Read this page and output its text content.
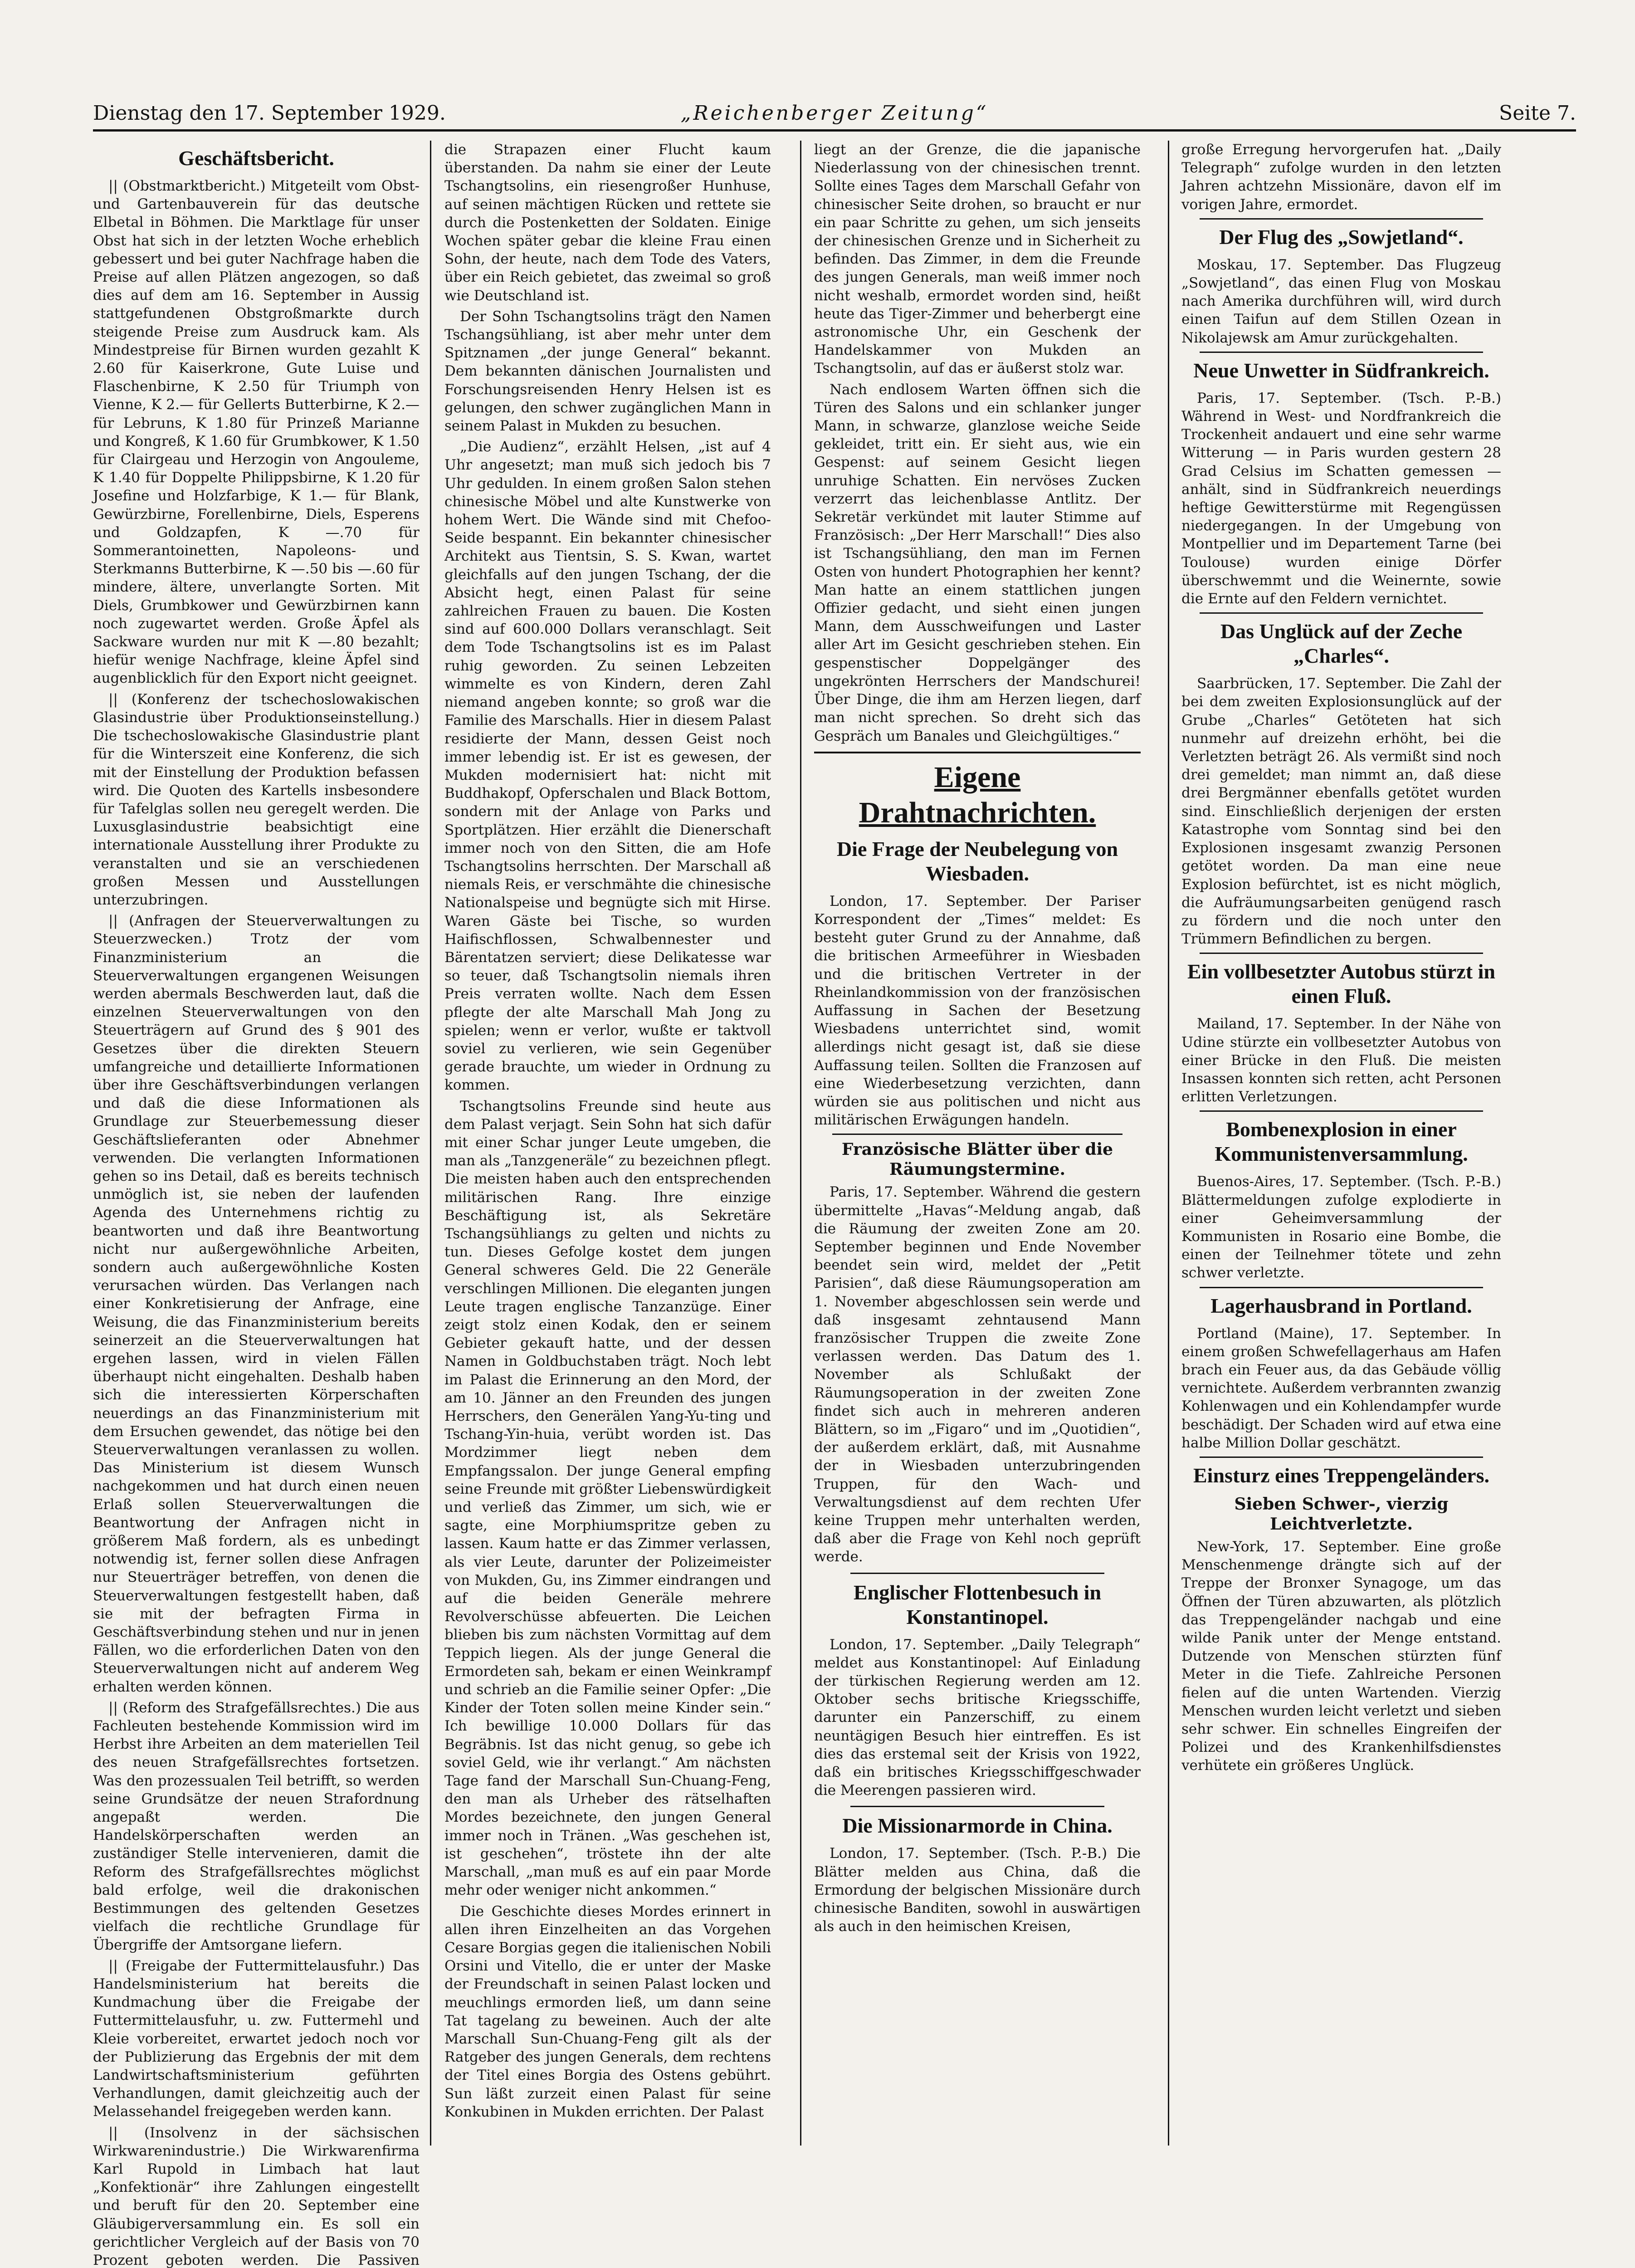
Dienstag den 17. September 1929.	„Reichenberger Zeitung“	Seite 7.
Geschäftsbericht.

|| (Obstmarktbericht.) Mitgeteilt vom Obst- und Gartenbauverein für das deutsche Elbetal in Böhmen. Die Marktlage für unser Obst hat sich in der letzten Woche erheblich gebessert und bei guter Nachfrage haben die Preise auf allen Plätzen angezogen, so daß dies auf dem am 16. September in Aussig stattgefundenen Obstgroßmarkte durch steigende Preise zum Ausdruck kam. Als Mindestpreise für Birnen wurden gezahlt K 2.60 für Kaiserkrone, Gute Luise und Flaschenbirne, K 2.50 für Triumph von Vienne, K 2.— für Gellerts Butterbirne, K 2.— für Lebruns, K 1.80 für Prinzeß Marianne und Kongreß, K 1.60 für Grumbkower, K 1.50 für Clairgeau und Herzogin von Angouleme, K 1.40 für Doppelte Philippsbirne, K 1.20 für Josefine und Holzfarbige, K 1.— für Blank, Gewürzbirne, Forellenbirne, Diels, Esperens und Goldzapfen, K —.70 für Sommerantoinetten, Napoleons- und Sterkmanns Butterbirne, K —.50 bis —.60 für mindere, ältere, unverlangte Sorten. Mit Diels, Grumbkower und Gewürzbirnen kann noch zugewartet werden. Große Äpfel als Sackware wurden nur mit K —.80 bezahlt; hiefür wenige Nachfrage, kleine Äpfel sind augenblicklich für den Export nicht geeignet.

|| (Konferenz der tschechoslowakischen Glasindustrie über Produktionseinstellung.) Die tschechoslowakische Glasindustrie plant für die Winterszeit eine Konferenz, die sich mit der Einstellung der Produktion befassen wird. Die Quoten des Kartells insbesondere für Tafelglas sollen neu geregelt werden. Die Luxusglasindustrie beabsichtigt eine internationale Ausstellung ihrer Produkte zu veranstalten und sie an verschiedenen großen Messen und Ausstellungen unterzubringen.

|| (Anfragen der Steuerverwaltungen zu Steuerzwecken.) Trotz der vom Finanzministerium an die Steuerverwaltungen ergangenen Weisungen werden abermals Beschwerden laut, daß die einzelnen Steuerverwaltungen von den Steuerträgern auf Grund des § 901 des Gesetzes über die direkten Steuern umfangreiche und detaillierte Informationen über ihre Geschäftsverbindungen verlangen und daß die diese Informationen als Grundlage zur Steuerbemessung dieser Geschäftslieferanten oder Abnehmer verwenden. Die verlangten Informationen gehen so ins Detail, daß es bereits technisch unmöglich ist, sie neben der laufenden Agenda des Unternehmens richtig zu beantworten und daß ihre Beantwortung nicht nur außergewöhnliche Arbeiten, sondern auch außergewöhnliche Kosten verursachen würden. Das Verlangen nach einer Konkretisierung der Anfrage, eine Weisung, die das Finanzministerium bereits seinerzeit an die Steuerverwaltungen hat ergehen lassen, wird in vielen Fällen überhaupt nicht eingehalten. Deshalb haben sich die interessierten Körperschaften neuerdings an das Finanzministerium mit dem Ersuchen gewendet, das nötige bei den Steuerverwaltungen veranlassen zu wollen. Das Ministerium ist diesem Wunsch nachgekommen und hat durch einen neuen Erlaß sollen Steuerverwaltungen die Beantwortung der Anfragen nicht in größerem Maß fordern, als es unbedingt notwendig ist, ferner sollen diese Anfragen nur Steuerträger betreffen, von denen die Steuerverwaltungen festgestellt haben, daß sie mit der befragten Firma in Geschäftsverbindung stehen und nur in jenen Fällen, wo die erforderlichen Daten von den Steuerverwaltungen nicht auf anderem Weg erhalten werden können.

|| (Reform des Strafgefällsrechtes.) Die aus Fachleuten bestehende Kommission wird im Herbst ihre Arbeiten an dem materiellen Teil des neuen Strafgefällsrechtes fortsetzen. Was den prozessualen Teil betrifft, so werden seine Grundsätze der neuen Strafordnung angepaßt werden. Die Handelskörperschaften werden an zuständiger Stelle intervenieren, damit die Reform des Strafgefällsrechtes möglichst bald erfolge, weil die drakonischen Bestimmungen des geltenden Gesetzes vielfach die rechtliche Grundlage für Übergriffe der Amtsorgane liefern.

|| (Freigabe der Futtermittelausfuhr.) Das Handelsministerium hat bereits die Kundmachung über die Freigabe der Futtermittelausfuhr, u. zw. Futtermehl und Kleie vorbereitet, erwartet jedoch noch vor der Publizierung das Ergebnis der mit dem Landwirtschaftsministerium geführten Verhandlungen, damit gleichzeitig auch der Melassehandel freigegeben werden kann.

|| (Insolvenz in der sächsischen Wirkwarenindustrie.) Die Wirkwarenfirma Karl Rupold in Limbach hat laut „Konfektionär“ ihre Zahlungen eingestellt und beruft für den 20. September eine Gläubigerversammlung ein. Es soll ein gerichtlicher Vergleich auf der Basis von 70 Prozent geboten werden. Die Passiven

die Strapazen einer Flucht kaum überstanden. Da nahm sie einer der Leute Tschangtsolins, ein riesengroßer Hunhuse, auf seinen mächtigen Rücken und rettete sie durch die Postenketten der Soldaten. Einige Wochen später gebar die kleine Frau einen Sohn, der heute, nach dem Tode des Vaters, über ein Reich gebietet, das zweimal so groß wie Deutschland ist.

Der Sohn Tschangtsolins trägt den Namen Tschangsühliang, ist aber mehr unter dem Spitznamen „der junge General“ bekannt. Dem bekannten dänischen Journalisten und Forschungsreisenden Henry Helsen ist es gelungen, den schwer zugänglichen Mann in seinem Palast in Mukden zu besuchen.

„Die Audienz“, erzählt Helsen, „ist auf 4 Uhr angesetzt; man muß sich jedoch bis 7 Uhr gedulden. In einem großen Salon stehen chinesische Möbel und alte Kunstwerke von hohem Wert. Die Wände sind mit Chefoo-Seide bespannt. Ein bekannter chinesischer Architekt aus Tientsin, S. S. Kwan, wartet gleichfalls auf den jungen Tschang, der die Absicht hegt, einen Palast für seine zahlreichen Frauen zu bauen. Die Kosten sind auf 600.000 Dollars veranschlagt. Seit dem Tode Tschangtsolins ist es im Palast ruhig geworden. Zu seinen Lebzeiten wimmelte es von Kindern, deren Zahl niemand angeben konnte; so groß war die Familie des Marschalls. Hier in diesem Palast residierte der Mann, dessen Geist noch immer lebendig ist. Er ist es gewesen, der Mukden modernisiert hat: nicht mit Buddhakopf, Opferschalen und Black Bottom, sondern mit der Anlage von Parks und Sportplätzen. Hier erzählt die Dienerschaft immer noch von den Sitten, die am Hofe Tschangtsolins herrschten. Der Marschall aß niemals Reis, er verschmähte die chinesische Nationalspeise und begnügte sich mit Hirse. Waren Gäste bei Tische, so wurden Haifischflossen, Schwalbennester und Bärentatzen serviert; diese Delikatesse war so teuer, daß Tschangtsolin niemals ihren Preis verraten wollte. Nach dem Essen pflegte der alte Marschall Mah Jong zu spielen; wenn er verlor, wußte er taktvoll soviel zu verlieren, wie sein Gegenüber gerade brauchte, um wieder in Ordnung zu kommen.

Tschangtsolins Freunde sind heute aus dem Palast verjagt. Sein Sohn hat sich dafür mit einer Schar junger Leute umgeben, die man als „Tanzgeneräle“ zu bezeichnen pflegt. Die meisten haben auch den entsprechenden militärischen Rang. Ihre einzige Beschäftigung ist, als Sekretäre Tschangsühliangs zu gelten und nichts zu tun. Dieses Gefolge kostet dem jungen General schweres Geld. Die 22 Generäle verschlingen Millionen. Die eleganten jungen Leute tragen englische Tanzanzüge. Einer zeigt stolz einen Kodak, den er seinem Gebieter gekauft hatte, und der dessen Namen in Goldbuchstaben trägt. Noch lebt im Palast die Erinnerung an den Mord, der am 10. Jänner an den Freunden des jungen Herrschers, den Generälen Yang-Yu-ting und Tschang-Yin-huia, verübt worden ist. Das Mordzimmer liegt neben dem Empfangssalon. Der junge General empfing seine Freunde mit größter Liebenswürdigkeit und verließ das Zimmer, um sich, wie er sagte, eine Morphiumspritze geben zu lassen. Kaum hatte er das Zimmer verlassen, als vier Leute, darunter der Polizeimeister von Mukden, Gu, ins Zimmer eindrangen und auf die beiden Generäle mehrere Revolverschüsse abfeuerten. Die Leichen blieben bis zum nächsten Vormittag auf dem Teppich liegen. Als der junge General die Ermordeten sah, bekam er einen Weinkrampf und schrieb an die Familie seiner Opfer: „Die Kinder der Toten sollen meine Kinder sein.“ Ich bewillige 10.000 Dollars für das Begräbnis. Ist das nicht genug, so gebe ich soviel Geld, wie ihr verlangt.“ Am nächsten Tage fand der Marschall Sun-Chuang-Feng, den man als Urheber des rätselhaften Mordes bezeichnete, den jungen General immer noch in Tränen. „Was geschehen ist, ist geschehen“, tröstete ihn der alte Marschall, „man muß es auf ein paar Morde mehr oder weniger nicht ankommen.“

Die Geschichte dieses Mordes erinnert in allen ihren Einzelheiten an das Vorgehen Cesare Borgias gegen die italienischen Nobili Orsini und Vitello, die er unter der Maske der Freundschaft in seinen Palast locken und meuchlings ermorden ließ, um dann seine Tat tagelang zu beweinen. Auch der alte Marschall Sun-Chuang-Feng gilt als der Ratgeber des jungen Generals, dem rechtens der Titel eines Borgia des Ostens gebührt. Sun läßt zurzeit einen Palast für seine Konkubinen in Mukden errichten. Der Palast

liegt an der Grenze, die die japanische Niederlassung von der chinesischen trennt. Sollte eines Tages dem Marschall Gefahr von chinesischer Seite drohen, so braucht er nur ein paar Schritte zu gehen, um sich jenseits der chinesischen Grenze und in Sicherheit zu befinden. Das Zimmer, in dem die Freunde des jungen Generals, man weiß immer noch nicht weshalb, ermordet worden sind, heißt heute das Tiger-Zimmer und beherbergt eine astronomische Uhr, ein Geschenk der Handelskammer von Mukden an Tschangtsolin, auf das er äußerst stolz war.

Nach endlosem Warten öffnen sich die Türen des Salons und ein schlanker junger Mann, in schwarze, glanzlose weiche Seide gekleidet, tritt ein. Er sieht aus, wie ein Gespenst: auf seinem Gesicht liegen unruhige Schatten. Ein nervöses Zucken verzerrt das leichenblasse Antlitz. Der Sekretär verkündet mit lauter Stimme auf Französisch: „Der Herr Marschall!“ Dies also ist Tschangsühliang, den man im Fernen Osten von hundert Photographien her kennt? Man hatte an einem stattlichen jungen Offizier gedacht, und sieht einen jungen Mann, dem Ausschweifungen und Laster aller Art im Gesicht geschrieben stehen. Ein gespenstischer Doppelgänger des ungekrönten Herrschers der Mandschurei! Über Dinge, die ihm am Herzen liegen, darf man nicht sprechen. So dreht sich das Gespräch um Banales und Gleichgültiges.“

Eigene Drahtnachrichten.
Die Frage der Neubelegung von Wiesbaden.

London, 17. September. Der Pariser Korrespondent der „Times“ meldet: Es besteht guter Grund zu der Annahme, daß die britischen Armeeführer in Wiesbaden und die britischen Vertreter in der Rheinlandkommission von der französischen Auffassung in Sachen der Besetzung Wiesbadens unterrichtet sind, womit allerdings nicht gesagt ist, daß sie diese Auffassung teilen. Sollten die Franzosen auf eine Wiederbesetzung verzichten, dann würden sie aus politischen und nicht aus militärischen Erwägungen handeln.

Französische Blätter über die Räumungstermine.

Paris, 17. September. Während die gestern übermittelte „Havas“-Meldung angab, daß die Räumung der zweiten Zone am 20. September beginnen und Ende November beendet sein wird, meldet der „Petit Parisien“, daß diese Räumungsoperation am 1. November abgeschlossen sein werde und daß insgesamt zehntausend Mann französischer Truppen die zweite Zone verlassen werden. Das Datum des 1. November als Schlußakt der Räumungsoperation in der zweiten Zone findet sich auch in mehreren anderen Blättern, so im „Figaro“ und im „Quotidien“, der außerdem erklärt, daß, mit Ausnahme der in Wiesbaden unterzubringenden Truppen, für den Wach- und Verwaltungsdienst auf dem rechten Ufer keine Truppen mehr unterhalten werden, daß aber die Frage von Kehl noch geprüft werde.

Englischer Flottenbesuch in Konstantinopel.

London, 17. September. „Daily Telegraph“ meldet aus Konstantinopel: Auf Einladung der türkischen Regierung werden am 12. Oktober sechs britische Kriegsschiffe, darunter ein Panzerschiff, zu einem neuntägigen Besuch hier eintreffen. Es ist dies das erstemal seit der Krisis von 1922, daß ein britisches Kriegsschiffgeschwader die Meerengen passieren wird.

Die Missionarmorde in China.

London, 17. September. (Tsch. P.-B.) Die Blätter melden aus China, daß die Ermordung der belgischen Missionäre durch chinesische Banditen, sowohl in auswärtigen als auch in den heimischen Kreisen,

große Erregung hervorgerufen hat. „Daily Telegraph“ zufolge wurden in den letzten Jahren achtzehn Missionäre, davon elf im vorigen Jahre, ermordet.

Der Flug des „Sowjetland“.

Moskau, 17. September. Das Flugzeug „Sowjetland“, das einen Flug von Moskau nach Amerika durchführen will, wird durch einen Taifun auf dem Stillen Ozean in Nikolajewsk am Amur zurückgehalten.

Neue Unwetter in Südfrankreich.

Paris, 17. September. (Tsch. P.-B.) Während in West- und Nordfrankreich die Trockenheit andauert und eine sehr warme Witterung — in Paris wurden gestern 28 Grad Celsius im Schatten gemessen — anhält, sind in Südfrankreich neuerdings heftige Gewitterstürme mit Regengüssen niedergegangen. In der Umgebung von Montpellier und im Departement Tarne (bei Toulouse) wurden einige Dörfer überschwemmt und die Weinernte, sowie die Ernte auf den Feldern vernichtet.

Das Unglück auf der Zeche „Charles“.

Saarbrücken, 17. September. Die Zahl der bei dem zweiten Explosionsunglück auf der Grube „Charles“ Getöteten hat sich nunmehr auf dreizehn erhöht, bei die Verletzten beträgt 26. Als vermißt sind noch drei gemeldet; man nimmt an, daß diese drei Bergmänner ebenfalls getötet wurden sind. Einschließlich derjenigen der ersten Katastrophe vom Sonntag sind bei den Explosionen insgesamt zwanzig Personen getötet worden. Da man eine neue Explosion befürchtet, ist es nicht möglich, die Aufräumungsarbeiten genügend rasch zu fördern und die noch unter den Trümmern Befindlichen zu bergen.

Ein vollbesetzter Autobus stürzt in einen Fluß.

Mailand, 17. September. In der Nähe von Udine stürzte ein vollbesetzter Autobus von einer Brücke in den Fluß. Die meisten Insassen konnten sich retten, acht Personen erlitten Verletzungen.

Bombenexplosion in einer Kommunistenversammlung.

Buenos-Aires, 17. September. (Tsch. P.-B.) Blättermeldungen zufolge explodierte in einer Geheimversammlung der Kommunisten in Rosario eine Bombe, die einen der Teilnehmer tötete und zehn schwer verletzte.

Lagerhausbrand in Portland.

Portland (Maine), 17. September. In einem großen Schwefellagerhaus am Hafen brach ein Feuer aus, da das Gebäude völlig vernichtete. Außerdem verbrannten zwanzig Kohlenwagen und ein Kohlendampfer wurde beschädigt. Der Schaden wird auf etwa eine halbe Million Dollar geschätzt.

Einsturz eines Treppengeländers.
Sieben Schwer-, vierzig Leichtverletzte.

New-York, 17. September. Eine große Menschenmenge drängte sich auf der Treppe der Bronxer Synagoge, um das Öffnen der Türen abzuwarten, als plötzlich das Treppengeländer nachgab und eine wilde Panik unter der Menge entstand. Dutzende von Menschen stürzten fünf Meter in die Tiefe. Zahlreiche Personen fielen auf die unten Wartenden. Vierzig Menschen wurden leicht verletzt und sieben sehr schwer. Ein schnelles Eingreifen der Polizei und des Krankenhilfsdienstes verhütete ein größeres Unglück.
